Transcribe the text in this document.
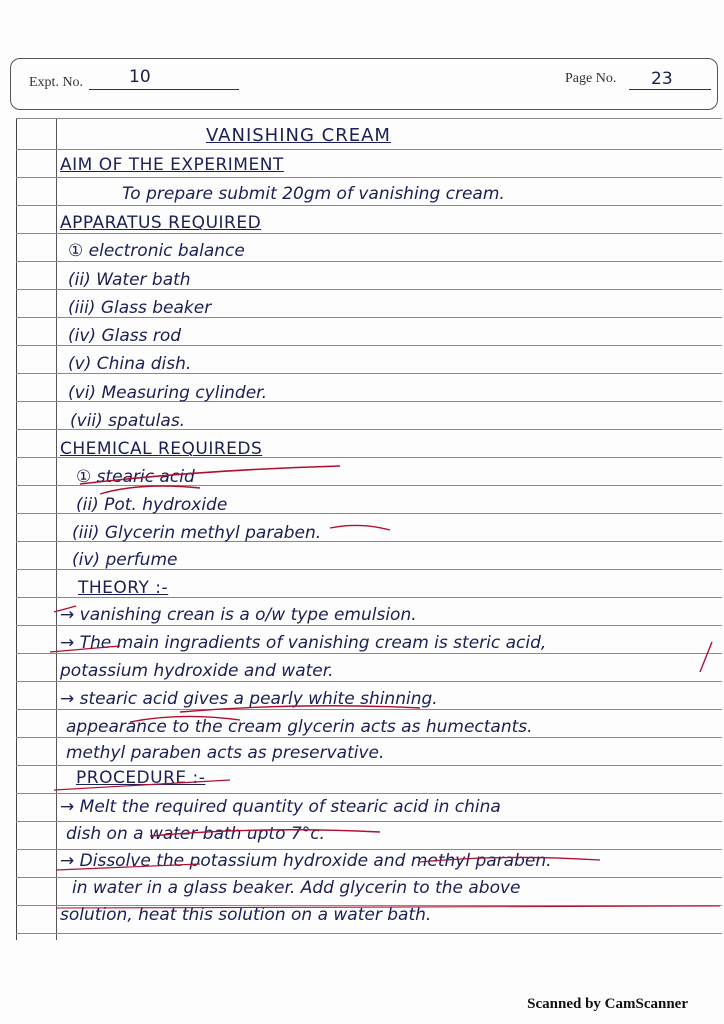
Expt. No.	10	Page No. 23
VANISHING CREAM
AIM OF THE EXPERIMENT
To prepare submit 20gm of vanishing cream.
APPARATUS REQUIRED
① electronic balance
(ii) Water bath
(iii) Glass beaker
(iv) Glass rod
(v) China dish.
(vi) Measuring cylinder.
(vii) spatulas.
CHEMICAL REQUIREDS
① stearic acid
(ii) Pot. hydroxide
(iii) Glycerin methyl paraben.
(iv) perfume
THEORY :-
→ vanishing crean is a o/w type emulsion.
→ The main ingradients of vanishing cream is steric acid,
potassium hydroxide and water.
→ stearic acid gives a pearly white shinning.
appearance to the cream glycerin acts as humectants.
methyl paraben acts as preservative.
PROCEDURE :-
→ Melt the required quantity of stearic acid in china
dish on a water bath upto 7°c.
→ Dissolve the potassium hydroxide and methyl paraben.
in water in a glass beaker. Add glycerin to the above
solution, heat this solution on a water bath.
Scanned by CamScanner
